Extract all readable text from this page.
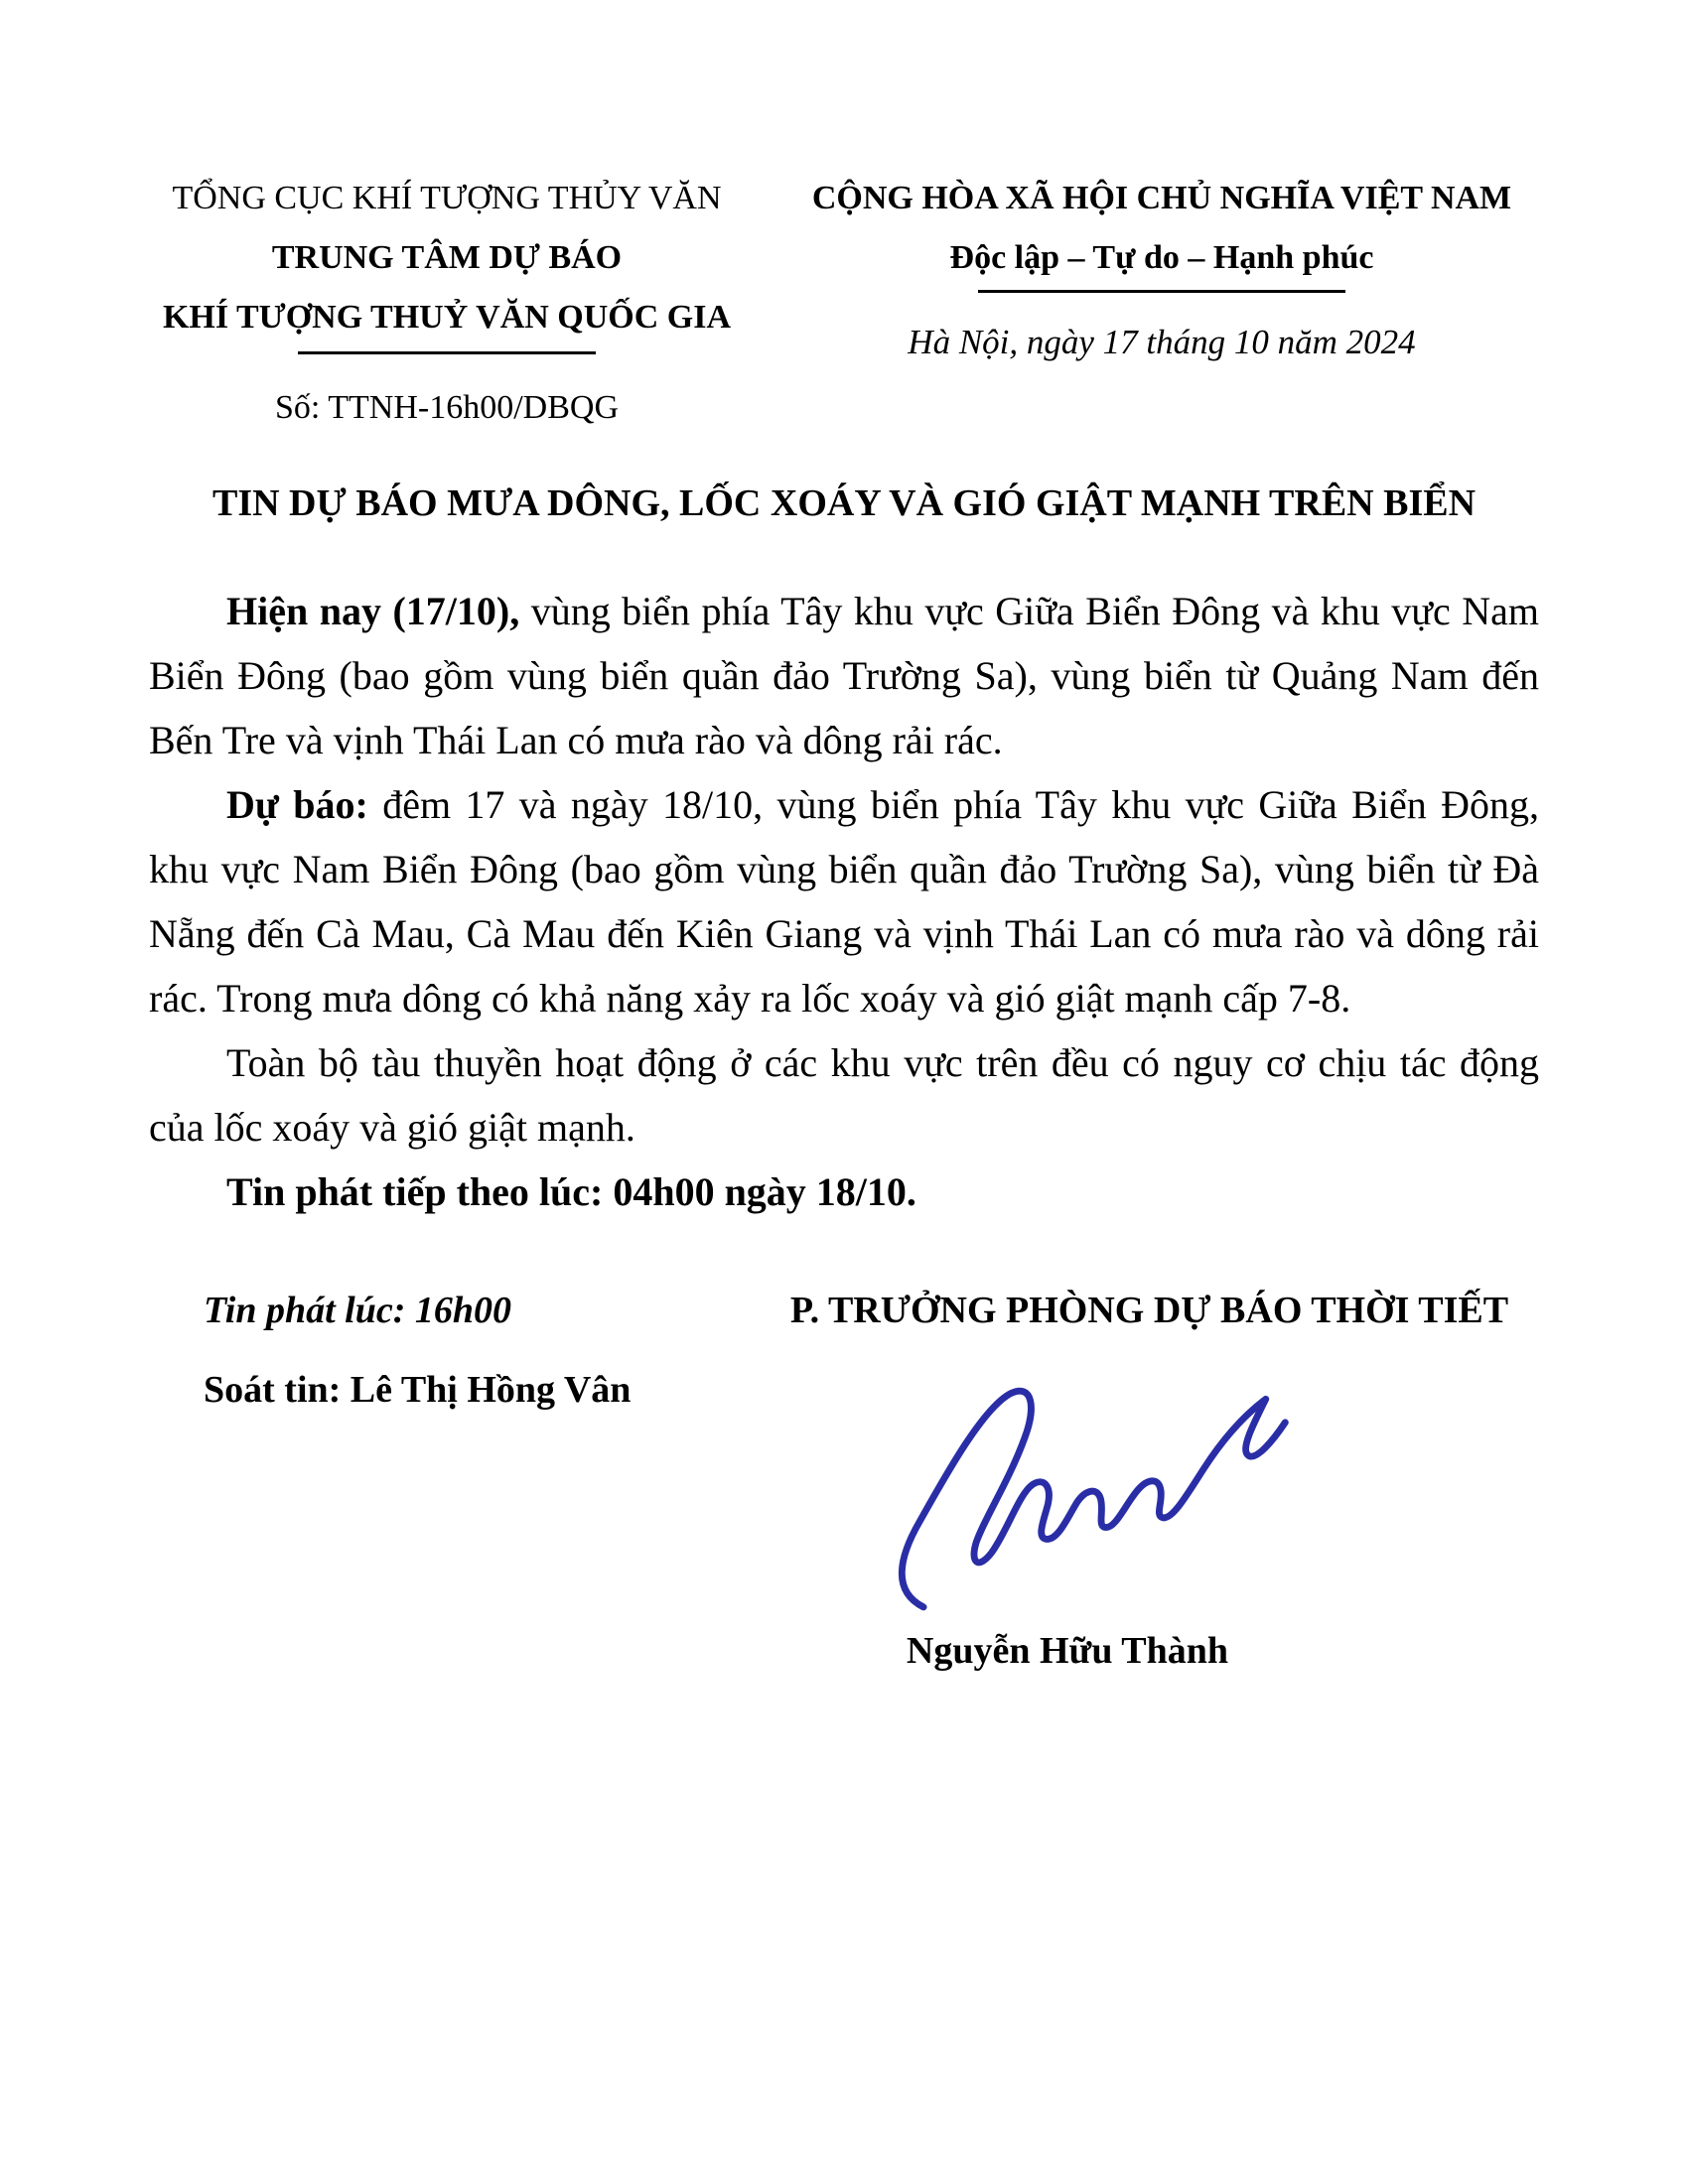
TỔNG CỤC KHÍ TƯỢNG THỦY VĂN
TRUNG TÂM DỰ BÁO
KHÍ TƯỢNG THUỶ VĂN QUỐC GIA
Số: TTNH-16h00/DBQG
CỘNG HÒA XÃ HỘI CHỦ NGHĨA VIỆT NAM
Độc lập – Tự do – Hạnh phúc
Hà Nội, ngày 17 tháng 10 năm 2024
TIN DỰ BÁO MƯA DÔNG, LỐC XOÁY VÀ GIÓ GIẬT MẠNH TRÊN BIỂN

Hiện nay (17/10), vùng biển phía Tây khu vực Giữa Biển Đông và khu vực Nam Biển Đông (bao gồm vùng biển quần đảo Trường Sa), vùng biển từ Quảng Nam đến Bến Tre và vịnh Thái Lan có mưa rào và dông rải rác.

Dự báo: đêm 17 và ngày 18/10, vùng biển phía Tây khu vực Giữa Biển Đông, khu vực Nam Biển Đông (bao gồm vùng biển quần đảo Trường Sa), vùng biển từ Đà Nẵng đến Cà Mau, Cà Mau đến Kiên Giang và vịnh Thái Lan có mưa rào và dông rải rác. Trong mưa dông có khả năng xảy ra lốc xoáy và gió giật mạnh cấp 7-8.

Toàn bộ tàu thuyền hoạt động ở các khu vực trên đều có nguy cơ chịu tác động của lốc xoáy và gió giật mạnh.

Tin phát tiếp theo lúc: 04h00 ngày 18/10.

Tin phát lúc: 16h00
Soát tin: Lê Thị Hồng Vân
P. TRƯỞNG PHÒNG DỰ BÁO THỜI TIẾT
Nguyễn Hữu Thành
